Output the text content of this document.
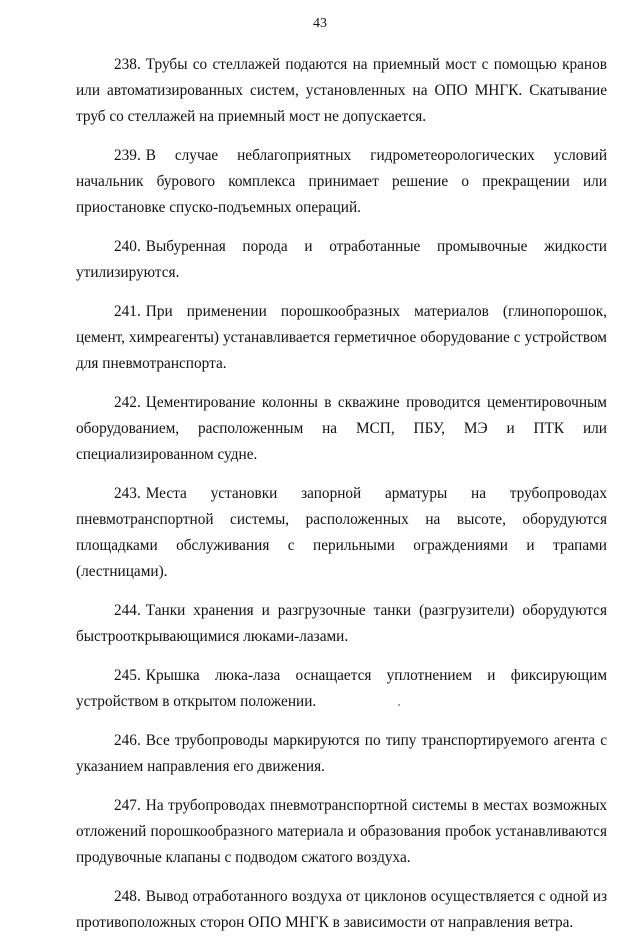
43

238. Трубы со стеллажей подаются на приемный мост с помощью кранов или автоматизированных систем, установленных на ОПО МНГК. Скатывание труб со стеллажей на приемный мост не допускается.

239. В случае неблагоприятных гидрометеорологических условий начальник бурового комплекса принимает решение о прекращении или приостановке спуско-подъемных операций.

240. Выбуренная порода и отработанные промывочные жидкости утилизируются.

241. При применении порошкообразных материалов (глинопорошок, цемент, химреагенты) устанавливается герметичное оборудование с устройством для пневмотранспорта.

242. Цементирование колонны в скважине проводится цементировочным оборудованием, расположенным на МСП, ПБУ, МЭ и ПТК или специализированном судне.

243. Места установки запорной арматуры на трубопроводах пневмотранспортной системы, расположенных на высоте, оборудуются площадками обслуживания с перильными ограждениями и трапами (лестницами).

244. Танки хранения и разгрузочные танки (разгрузители) оборудуются быстрооткрывающимися люками-лазами.

245. Крышка люка-лаза оснащается уплотнением и фиксирующим устройством в открытом положении.

246. Все трубопроводы маркируются по типу транспортируемого агента с указанием направления его движения.

247. На трубопроводах пневмотранспортной системы в местах возможных отложений порошкообразного материала и образования пробок устанавливаются продувочные клапаны с подводом сжатого воздуха.

248. Вывод отработанного воздуха от циклонов осуществляется с одной из противоположных сторон ОПО МНГК в зависимости от направления ветра.
